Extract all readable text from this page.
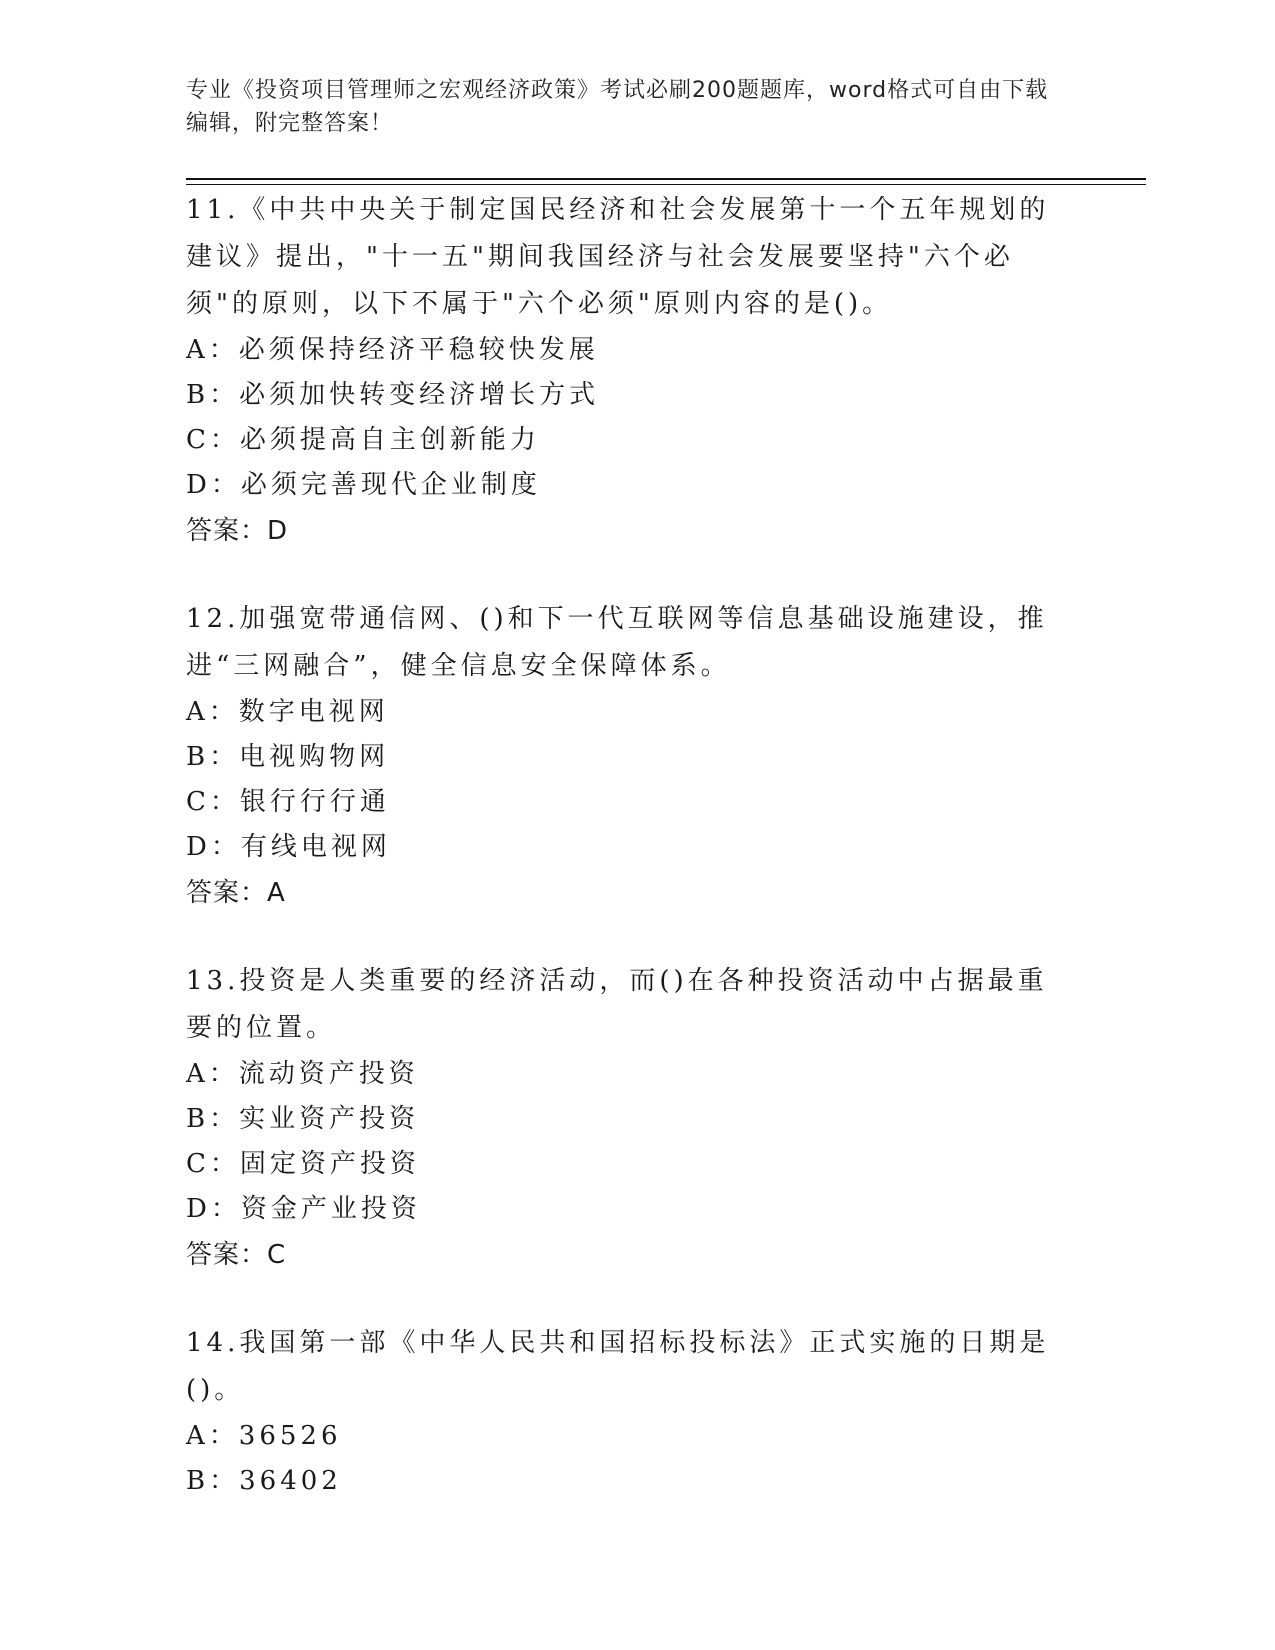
专业《投资项目管理师之宏观经济政策》考试必刷200题题库，word格式可自由下载编辑，附完整答案！

11.《中共中央关于制定国民经济和社会发展第十一个五年规划的建议》提出，"十一五"期间我国经济与社会发展要坚持"六个必须"的原则，以下不属于"六个必须"原则内容的是()。

A：必须保持经济平稳较快发展

B：必须加快转变经济增长方式

C：必须提高自主创新能力

D：必须完善现代企业制度

答案：D

12.加强宽带通信网、()和下一代互联网等信息基础设施建设，推进“三网融合”，健全信息安全保障体系。

A：数字电视网

B：电视购物网

C：银行行行通

D：有线电视网

答案：A

13.投资是人类重要的经济活动，而()在各种投资活动中占据最重要的位置。

A：流动资产投资

B：实业资产投资

C：固定资产投资

D：资金产业投资

答案：C

14.我国第一部《中华人民共和国招标投标法》正式实施的日期是()。

A：36526

B：36402
